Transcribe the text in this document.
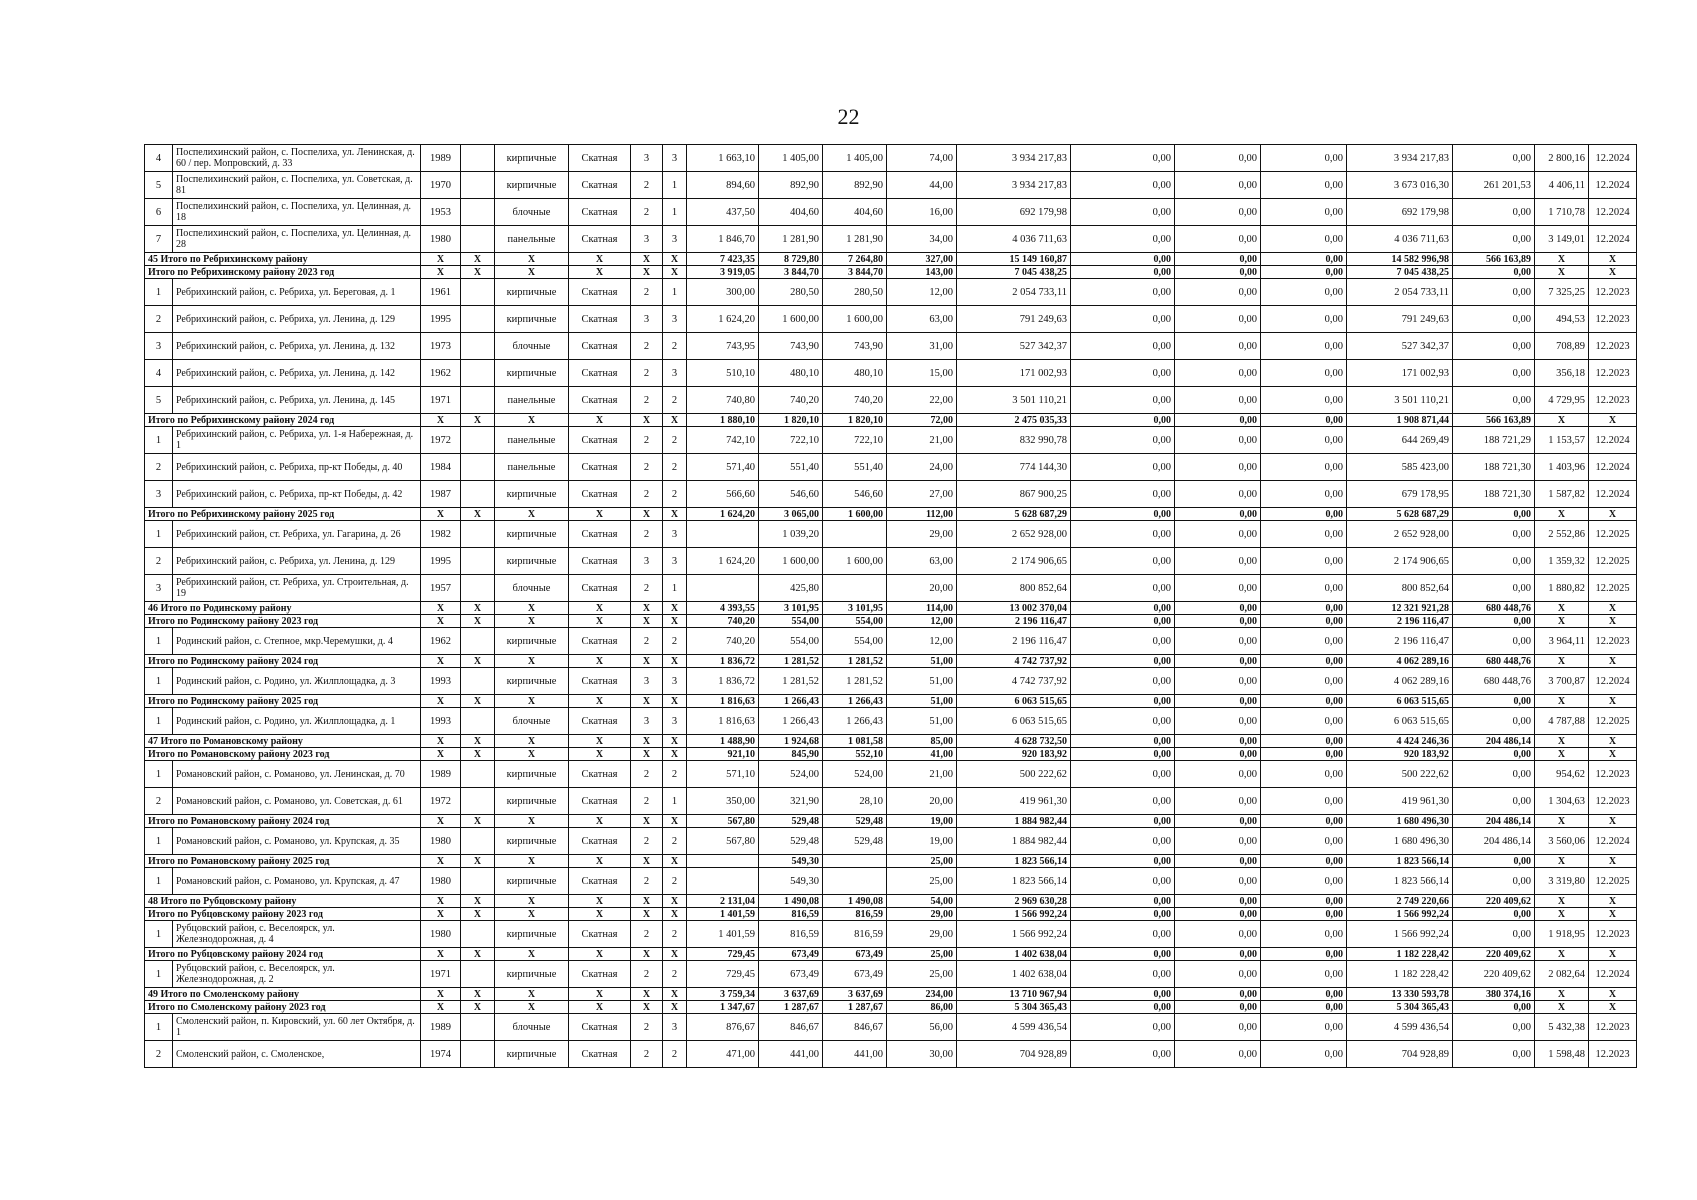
22
4	Поспелихинский район, с. Поспелиха, ул. Ленинская, д. 60 / пер. Мопровский, д. 33	1989		кирпичные	Скатная	3	3	1 663,10	1 405,00	1 405,00	74,00	3 934 217,83	0,00	0,00	0,00	3 934 217,83	0,00	2 800,16	12.2024
5	Поспелихинский район, с. Поспелиха, ул. Советская, д. 81	1970		кирпичные	Скатная	2	1	894,60	892,90	892,90	44,00	3 934 217,83	0,00	0,00	0,00	3 673 016,30	261 201,53	4 406,11	12.2024
6	Поспелихинский район, с. Поспелиха, ул. Целинная, д. 18	1953		блочные	Скатная	2	1	437,50	404,60	404,60	16,00	692 179,98	0,00	0,00	0,00	692 179,98	0,00	1 710,78	12.2024
7	Поспелихинский район, с. Поспелиха, ул. Целинная, д. 28	1980		панельные	Скатная	3	3	1 846,70	1 281,90	1 281,90	34,00	4 036 711,63	0,00	0,00	0,00	4 036 711,63	0,00	3 149,01	12.2024
45 Итого по Ребрихинскому району		X	X	X	X	X	X	7 423,35	8 729,80	7 264,80	327,00	15 149 160,87	0,00	0,00	0,00	14 582 996,98	566 163,89	X	X
Итого по Ребрихинскому району 2023 год		X	X	X	X	X	X	3 919,05	3 844,70	3 844,70	143,00	7 045 438,25	0,00	0,00	0,00	7 045 438,25	0,00	X	X
1	Ребрихинский район, с. Ребриха, ул. Береговая, д. 1	1961		кирпичные	Скатная	2	1	300,00	280,50	280,50	12,00	2 054 733,11	0,00	0,00	0,00	2 054 733,11	0,00	7 325,25	12.2023
2	Ребрихинский район, с. Ребриха, ул. Ленина, д. 129	1995		кирпичные	Скатная	3	3	1 624,20	1 600,00	1 600,00	63,00	791 249,63	0,00	0,00	0,00	791 249,63	0,00	494,53	12.2023
3	Ребрихинский район, с. Ребриха, ул. Ленина, д. 132	1973		блочные	Скатная	2	2	743,95	743,90	743,90	31,00	527 342,37	0,00	0,00	0,00	527 342,37	0,00	708,89	12.2023
4	Ребрихинский район, с. Ребриха, ул. Ленина, д. 142	1962		кирпичные	Скатная	2	3	510,10	480,10	480,10	15,00	171 002,93	0,00	0,00	0,00	171 002,93	0,00	356,18	12.2023
5	Ребрихинский район, с. Ребриха, ул. Ленина, д. 145	1971		панельные	Скатная	2	2	740,80	740,20	740,20	22,00	3 501 110,21	0,00	0,00	0,00	3 501 110,21	0,00	4 729,95	12.2023
Итого по Ребрихинскому району 2024 год		X	X	X	X	X	X	1 880,10	1 820,10	1 820,10	72,00	2 475 035,33	0,00	0,00	0,00	1 908 871,44	566 163,89	X	X
1	Ребрихинский район, с. Ребриха, ул. 1-я Набережная, д. 1	1972		панельные	Скатная	2	2	742,10	722,10	722,10	21,00	832 990,78	0,00	0,00	0,00	644 269,49	188 721,29	1 153,57	12.2024
2	Ребрихинский район, с. Ребриха, пр-кт Победы, д. 40	1984		панельные	Скатная	2	2	571,40	551,40	551,40	24,00	774 144,30	0,00	0,00	0,00	585 423,00	188 721,30	1 403,96	12.2024
3	Ребрихинский район, с. Ребриха, пр-кт Победы, д. 42	1987		кирпичные	Скатная	2	2	566,60	546,60	546,60	27,00	867 900,25	0,00	0,00	0,00	679 178,95	188 721,30	1 587,82	12.2024
Итого по Ребрихинскому району 2025 год		X	X	X	X	X	X	1 624,20	3 065,00	1 600,00	112,00	5 628 687,29	0,00	0,00	0,00	5 628 687,29	0,00	X	X
1	Ребрихинский район, ст. Ребриха, ул. Гагарина, д. 26	1982		кирпичные	Скатная	2	3		1 039,20		29,00	2 652 928,00	0,00	0,00	0,00	2 652 928,00	0,00	2 552,86	12.2025
2	Ребрихинский район, с. Ребриха, ул. Ленина, д. 129	1995		кирпичные	Скатная	3	3	1 624,20	1 600,00	1 600,00	63,00	2 174 906,65	0,00	0,00	0,00	2 174 906,65	0,00	1 359,32	12.2025
3	Ребрихинский район, ст. Ребриха, ул. Строительная, д. 19	1957		блочные	Скатная	2	1		425,80		20,00	800 852,64	0,00	0,00	0,00	800 852,64	0,00	1 880,82	12.2025
46 Итого по Родинскому району		X	X	X	X	X	X	4 393,55	3 101,95	3 101,95	114,00	13 002 370,04	0,00	0,00	0,00	12 321 921,28	680 448,76	X	X
Итого по Родинскому району 2023 год		X	X	X	X	X	X	740,20	554,00	554,00	12,00	2 196 116,47	0,00	0,00	0,00	2 196 116,47	0,00	X	X
1	Родинский район, с. Степное, мкр.Черемушки, д. 4	1962		кирпичные	Скатная	2	2	740,20	554,00	554,00	12,00	2 196 116,47	0,00	0,00	0,00	2 196 116,47	0,00	3 964,11	12.2023
Итого по Родинскому району 2024 год		X	X	X	X	X	X	1 836,72	1 281,52	1 281,52	51,00	4 742 737,92	0,00	0,00	0,00	4 062 289,16	680 448,76	X	X
1	Родинский район, с. Родино, ул. Жилплощадка, д. 3	1993		кирпичные	Скатная	3	3	1 836,72	1 281,52	1 281,52	51,00	4 742 737,92	0,00	0,00	0,00	4 062 289,16	680 448,76	3 700,87	12.2024
Итого по Родинскому району 2025 год		X	X	X	X	X	X	1 816,63	1 266,43	1 266,43	51,00	6 063 515,65	0,00	0,00	0,00	6 063 515,65	0,00	X	X
1	Родинский район, с. Родино, ул. Жилплощадка, д. 1	1993		блочные	Скатная	3	3	1 816,63	1 266,43	1 266,43	51,00	6 063 515,65	0,00	0,00	0,00	6 063 515,65	0,00	4 787,88	12.2025
47 Итого по Романовскому району		X	X	X	X	X	X	1 488,90	1 924,68	1 081,58	85,00	4 628 732,50	0,00	0,00	0,00	4 424 246,36	204 486,14	X	X
Итого по Романовскому району 2023 год		X	X	X	X	X	X	921,10	845,90	552,10	41,00	920 183,92	0,00	0,00	0,00	920 183,92	0,00	X	X
1	Романовский район, с. Романово, ул. Ленинская, д. 70	1989		кирпичные	Скатная	2	2	571,10	524,00	524,00	21,00	500 222,62	0,00	0,00	0,00	500 222,62	0,00	954,62	12.2023
2	Романовский район, с. Романово, ул. Советская, д. 61	1972		кирпичные	Скатная	2	1	350,00	321,90	28,10	20,00	419 961,30	0,00	0,00	0,00	419 961,30	0,00	1 304,63	12.2023
Итого по Романовскому району 2024 год		X	X	X	X	X	X	567,80	529,48	529,48	19,00	1 884 982,44	0,00	0,00	0,00	1 680 496,30	204 486,14	X	X
1	Романовский район, с. Романово, ул. Крупская, д. 35	1980		кирпичные	Скатная	2	2	567,80	529,48	529,48	19,00	1 884 982,44	0,00	0,00	0,00	1 680 496,30	204 486,14	3 560,06	12.2024
Итого по Романовскому району 2025 год		X	X	X	X	X	X		549,30		25,00	1 823 566,14	0,00	0,00	0,00	1 823 566,14	0,00	X	X
1	Романовский район, с. Романово, ул. Крупская, д. 47	1980		кирпичные	Скатная	2	2		549,30		25,00	1 823 566,14	0,00	0,00	0,00	1 823 566,14	0,00	3 319,80	12.2025
48 Итого по Рубцовскому району		X	X	X	X	X	X	2 131,04	1 490,08	1 490,08	54,00	2 969 630,28	0,00	0,00	0,00	2 749 220,66	220 409,62	X	X
Итого по Рубцовскому району 2023 год		X	X	X	X	X	X	1 401,59	816,59	816,59	29,00	1 566 992,24	0,00	0,00	0,00	1 566 992,24	0,00	X	X
1	Рубцовский район, с. Веселоярск, ул. Железнодорожная, д. 4	1980		кирпичные	Скатная	2	2	1 401,59	816,59	816,59	29,00	1 566 992,24	0,00	0,00	0,00	1 566 992,24	0,00	1 918,95	12.2023
Итого по Рубцовскому району 2024 год		X	X	X	X	X	X	729,45	673,49	673,49	25,00	1 402 638,04	0,00	0,00	0,00	1 182 228,42	220 409,62	X	X
1	Рубцовский район, с. Веселоярск, ул. Железнодорожная, д. 2	1971		кирпичные	Скатная	2	2	729,45	673,49	673,49	25,00	1 402 638,04	0,00	0,00	0,00	1 182 228,42	220 409,62	2 082,64	12.2024
49 Итого по Смоленскому району		X	X	X	X	X	X	3 759,34	3 637,69	3 637,69	234,00	13 710 967,94	0,00	0,00	0,00	13 330 593,78	380 374,16	X	X
Итого по Смоленскому району 2023 год		X	X	X	X	X	X	1 347,67	1 287,67	1 287,67	86,00	5 304 365,43	0,00	0,00	0,00	5 304 365,43	0,00	X	X
1	Смоленский район, п. Кировский, ул. 60 лет Октября, д. 1	1989		блочные	Скатная	2	3	876,67	846,67	846,67	56,00	4 599 436,54	0,00	0,00	0,00	4 599 436,54	0,00	5 432,38	12.2023
2	Смоленский район, с. Смоленское,	1974		кирпичные	Скатная	2	2	471,00	441,00	441,00	30,00	704 928,89	0,00	0,00	0,00	704 928,89	0,00	1 598,48	12.2023
